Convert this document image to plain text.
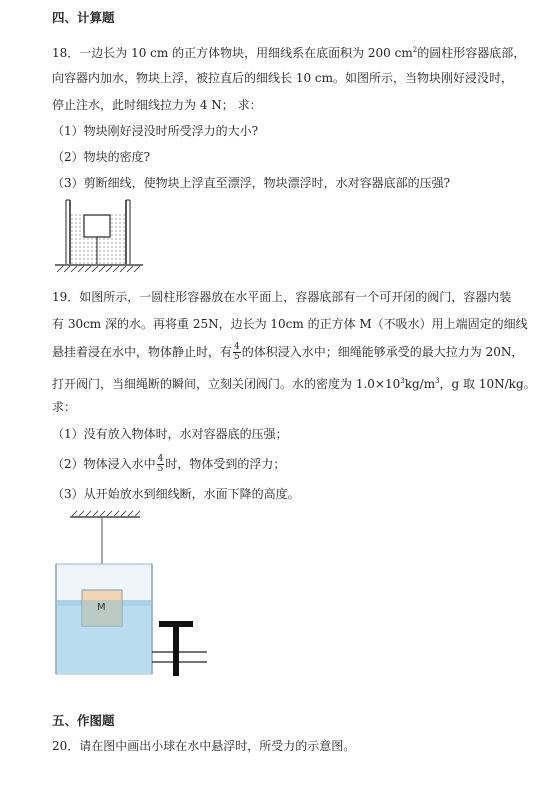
四、计算题
18．一边长为 10 cm 的正方体物块，用细线系在底面积为 200 $cm^2$的圆柱形容器底部，
向容器内加水，物块上浮，被拉直后的细线长 10 cm。如图所示，当物块刚好浸没时，
停止注水，此时细线拉力为 4 N； 求：
（1）物块刚好浸没时所受浮力的大小?
（2）物块的密度?
（3）剪断细线，使物块上浮直至漂浮，物块漂浮时，水对容器底部的压强?
19．如图所示，一圆柱形容器放在水平面上，容器底部有一个可开闭的阀门，容器内装
有 30cm 深的水。再将重 25N，边长为 10cm 的正方体 M（不吸水）用上端固定的细线
悬挂着浸在水中，物体静止时，有 $\frac{4}{5}$ 的体积浸入水中；细绳能够承受的最大拉力为 20N，
打开阀门，当细绳断的瞬间，立刻关闭阀门。水的密度为 $1.0\times 10^3kg/m^3$，g 取 10N/kg。
求：
（1）没有放入物体时，水对容器底的压强；
（2）物体浸入水中 $\frac{4}{5}$ 时，物体受到的浮力；
（3）从开始放水到细线断，水面下降的高度。
M
五、作图题
20．请在图中画出小球在水中悬浮时，所受力的示意图。
